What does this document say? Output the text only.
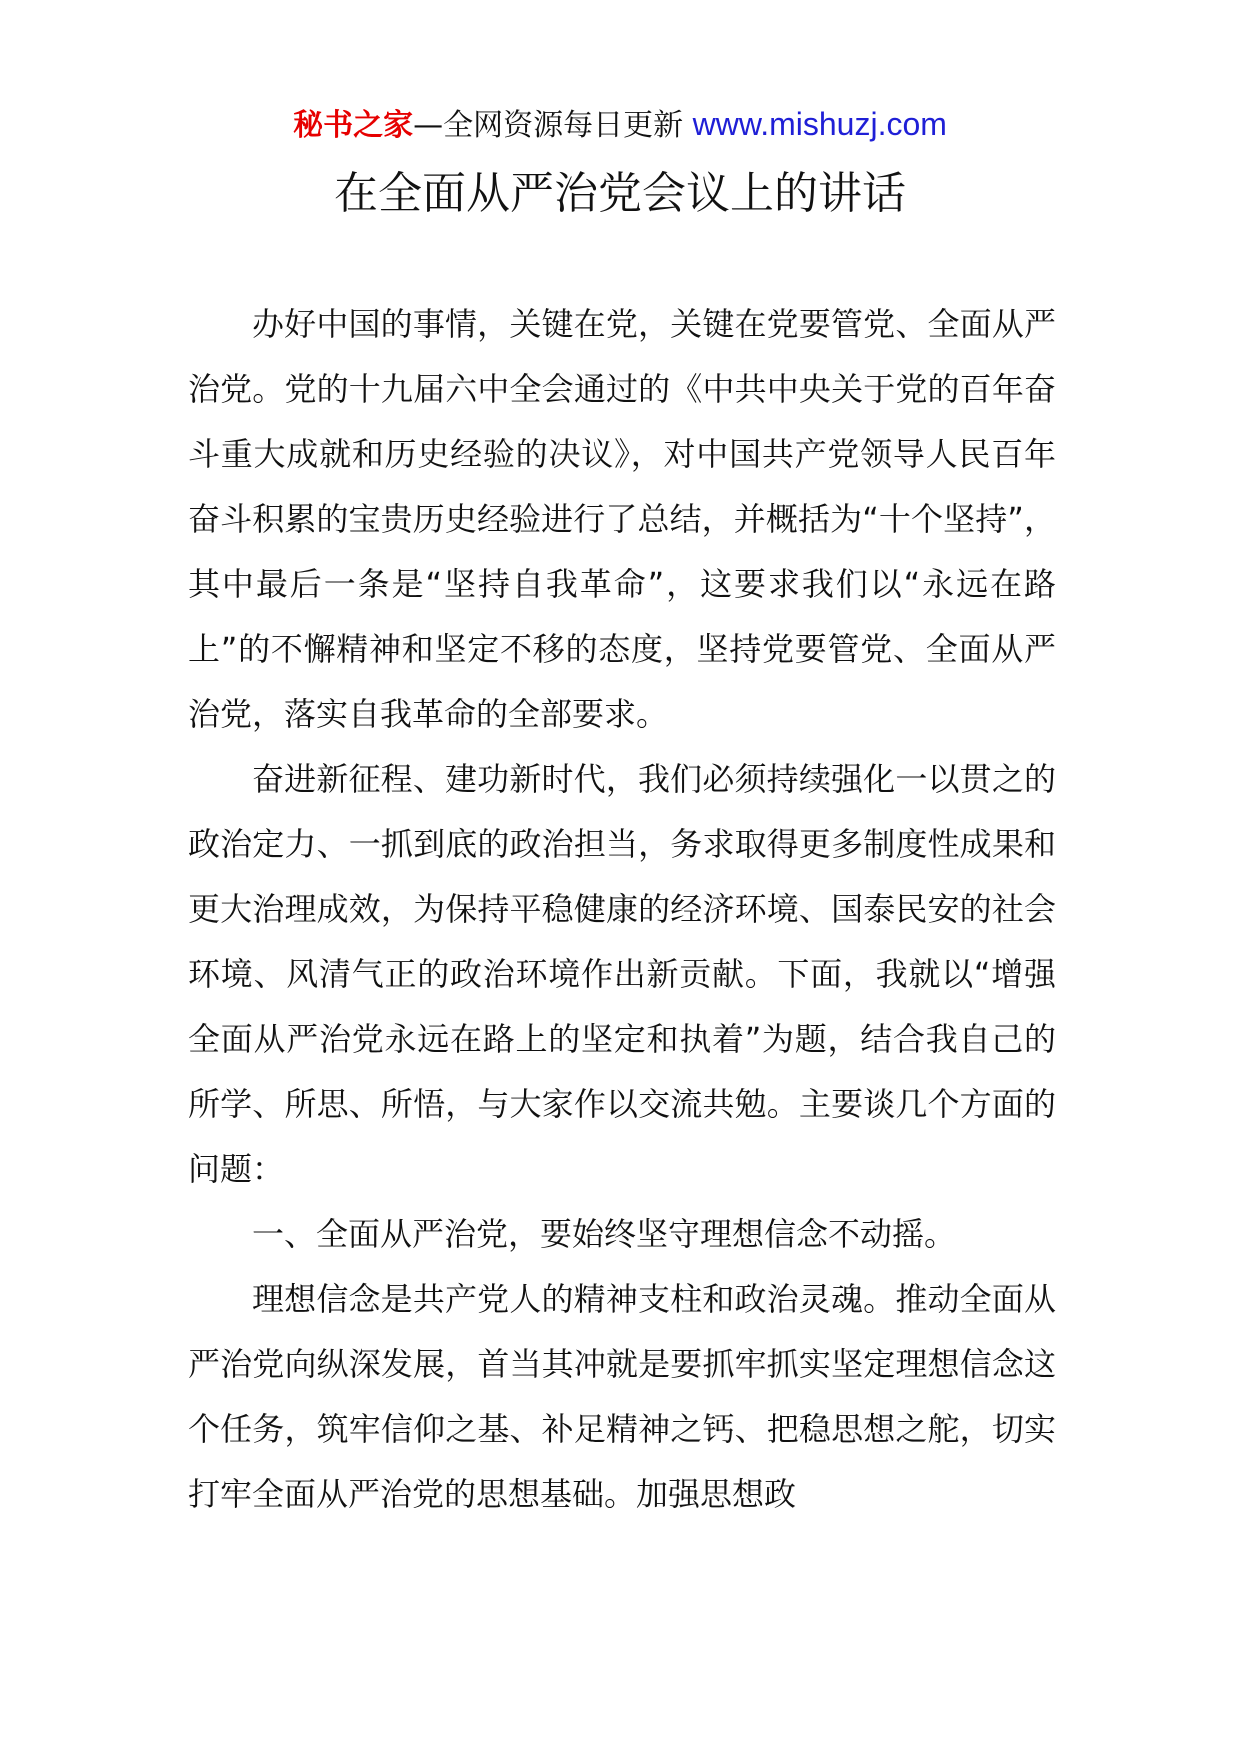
秘书之家—全网资源每日更新 www.mishuzj.com
在全面从严治党会议上的讲话

办好中国的事情，关键在党，关键在党要管党、全面从严治党。党的十九届六中全会通过的《中共中央关于党的百年奋斗重大成就和历史经验的决议》，对中国共产党领导人民百年奋斗积累的宝贵历史经验进行了总结，并概括为“十个坚持”，其中最后一条是“坚持自我革命”，这要求我们以“永远在路上”的不懈精神和坚定不移的态度，坚持党要管党、全面从严治党，落实自我革命的全部要求。

奋进新征程、建功新时代，我们必须持续强化一以贯之的政治定力、一抓到底的政治担当，务求取得更多制度性成果和更大治理成效，为保持平稳健康的经济环境、国泰民安的社会环境、风清气正的政治环境作出新贡献。下面，我就以“增强全面从严治党永远在路上的坚定和执着”为题，结合我自己的所学、所思、所悟，与大家作以交流共勉。主要谈几个方面的问题：

一、全面从严治党，要始终坚守理想信念不动摇。

理想信念是共产党人的精神支柱和政治灵魂。推动全面从严治党向纵深发展，首当其冲就是要抓牢抓实坚定理想信念这个任务，筑牢信仰之基、补足精神之钙、把稳思想之舵，切实打牢全面从严治党的思想基础。加强思想政
